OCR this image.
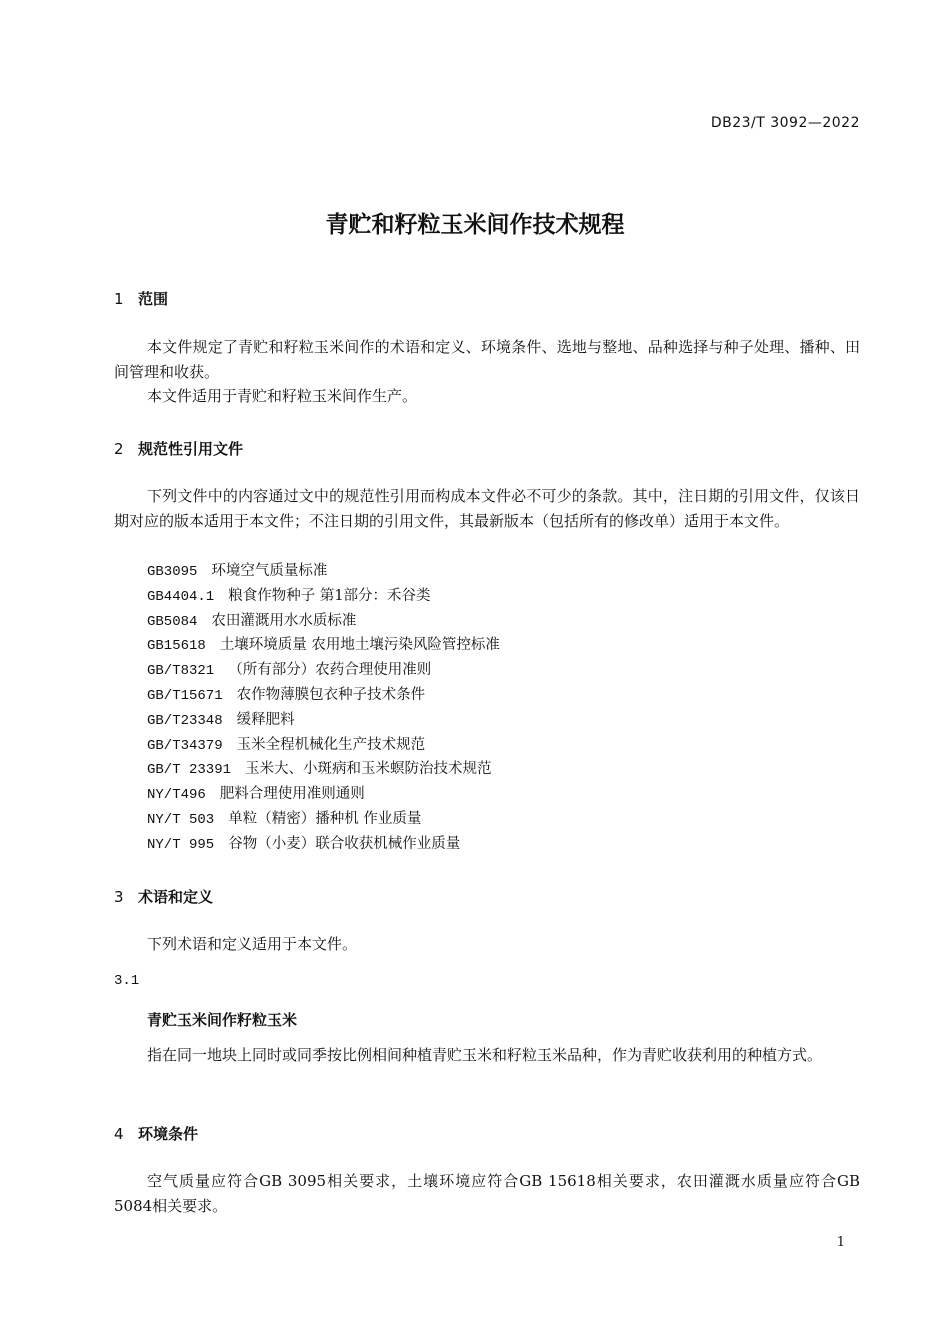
DB23/T 3092—2022
青贮和籽粒玉米间作技术规程
1 范围
本文件规定了青贮和籽粒玉米间作的术语和定义、环境条件、选地与整地、品种选择与种子处理、播种、田间管理和收获。
本文件适用于青贮和籽粒玉米间作生产。
2 规范性引用文件
下列文件中的内容通过文中的规范性引用而构成本文件必不可少的条款。其中，注日期的引用文件，仅该日期对应的版本适用于本文件；不注日期的引用文件，其最新版本（包括所有的修改单）适用于本文件。
GB3095 环境空气质量标准
GB4404.1 粮食作物种子 第1部分：禾谷类
GB5084 农田灌溉用水水质标准
GB15618 土壤环境质量 农用地土壤污染风险管控标准
GB/T8321 （所有部分）农药合理使用准则
GB/T15671 农作物薄膜包衣种子技术条件
GB/T23348 缓释肥料
GB/T34379 玉米全程机械化生产技术规范
GB/T 23391 玉米大、小斑病和玉米螟防治技术规范
NY/T496 肥料合理使用准则通则
NY/T 503 单粒（精密）播种机 作业质量
NY/T 995 谷物（小麦）联合收获机械作业质量
3 术语和定义
下列术语和定义适用于本文件。
3.1
青贮玉米间作籽粒玉米
指在同一地块上同时或同季按比例相间种植青贮玉米和籽粒玉米品种，作为青贮收获利用的种植方式。
4 环境条件
空气质量应符合GB 3095相关要求，土壤环境应符合GB 15618相关要求，农田灌溉水质量应符合GB 5084相关要求。
1
